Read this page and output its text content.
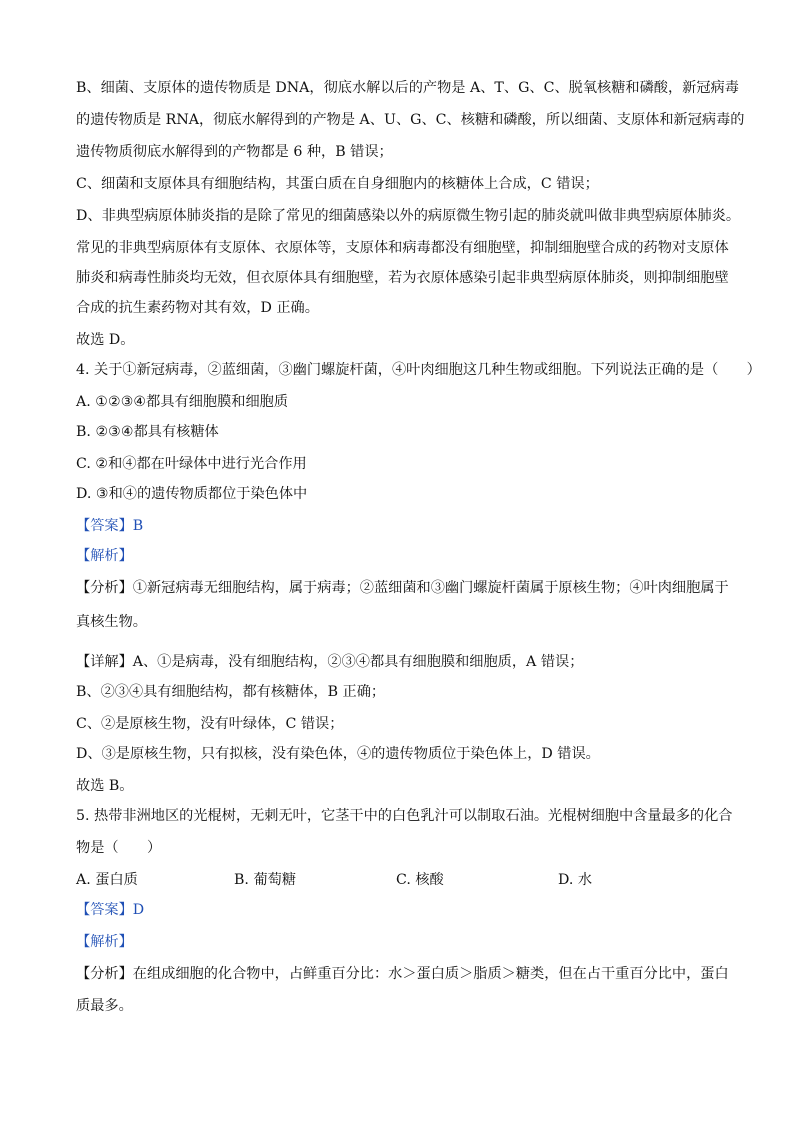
B、细菌、支原体的遗传物质是 DNA，彻底水解以后的产物是 A、T、G、C、脱氧核糖和磷酸，新冠病毒
的遗传物质是 RNA，彻底水解得到的产物是 A、U、G、C、核糖和磷酸，所以细菌、支原体和新冠病毒的
遗传物质彻底水解得到的产物都是 6 种，B 错误；
C、细菌和支原体具有细胞结构，其蛋白质在自身细胞内的核糖体上合成，C 错误；
D、非典型病原体肺炎指的是除了常见的细菌感染以外的病原微生物引起的肺炎就叫做非典型病原体肺炎。
常见的非典型病原体有支原体、衣原体等，支原体和病毒都没有细胞壁，抑制细胞壁合成的药物对支原体
肺炎和病毒性肺炎均无效，但衣原体具有细胞壁，若为衣原体感染引起非典型病原体肺炎，则抑制细胞壁
合成的抗生素药物对其有效，D 正确。
故选 D。
4. 关于①新冠病毒，②蓝细菌，③幽门螺旋杆菌，④叶肉细胞这几种生物或细胞。下列说法正确的是（　　）
A. ①②③④都具有细胞膜和细胞质
B. ②③④都具有核糖体
C. ②和④都在叶绿体中进行光合作用
D. ③和④的遗传物质都位于染色体中
【答案】B
【解析】
【分析】①新冠病毒无细胞结构，属于病毒；②蓝细菌和③幽门螺旋杆菌属于原核生物；④叶肉细胞属于
真核生物。
【详解】A、①是病毒，没有细胞结构，②③④都具有细胞膜和细胞质，A 错误；
B、②③④具有细胞结构，都有核糖体，B 正确；
C、②是原核生物，没有叶绿体，C 错误；
D、③是原核生物，只有拟核，没有染色体，④的遗传物质位于染色体上，D 错误。
故选 B。
5. 热带非洲地区的光棍树，无刺无叶，它茎干中的白色乳汁可以制取石油。光棍树细胞中含量最多的化合
物是（　　）
A. 蛋白质	B. 葡萄糖	C. 核酸	D. 水
【答案】D
【解析】
【分析】在组成细胞的化合物中，占鲜重百分比：水＞蛋白质＞脂质＞糖类，但在占干重百分比中，蛋白
质最多。
